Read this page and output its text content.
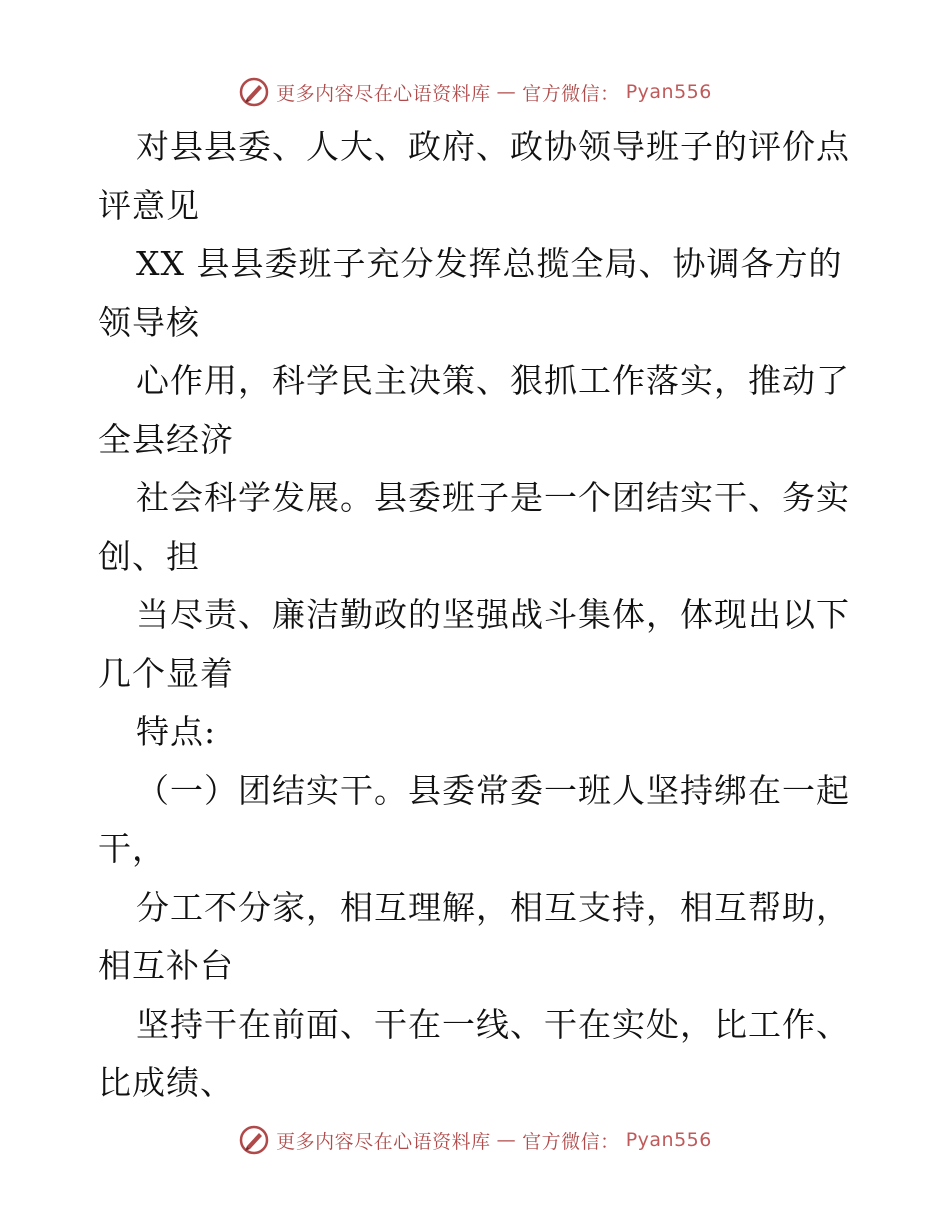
更多内容尽在心语资料库 — 官方微信： Pyan556
对县县委、人大、政府、政协领导班子的评价点
评意见
XX 县县委班子充分发挥总揽全局、协调各方的
领导核
心作用，科学民主决策、狠抓工作落实，推动了
全县经济
社会科学发展。县委班子是一个团结实干、务实
创、担
当尽责、廉洁勤政的坚强战斗集体，体现出以下
几个显着
特点:
（一）团结实干。县委常委一班人坚持绑在一起
干，
分工不分家，相互理解，相互支持，相互帮助，
相互补台
坚持干在前面、干在一线、干在实处，比工作、
比成绩、
更多内容尽在心语资料库 — 官方微信： Pyan556
